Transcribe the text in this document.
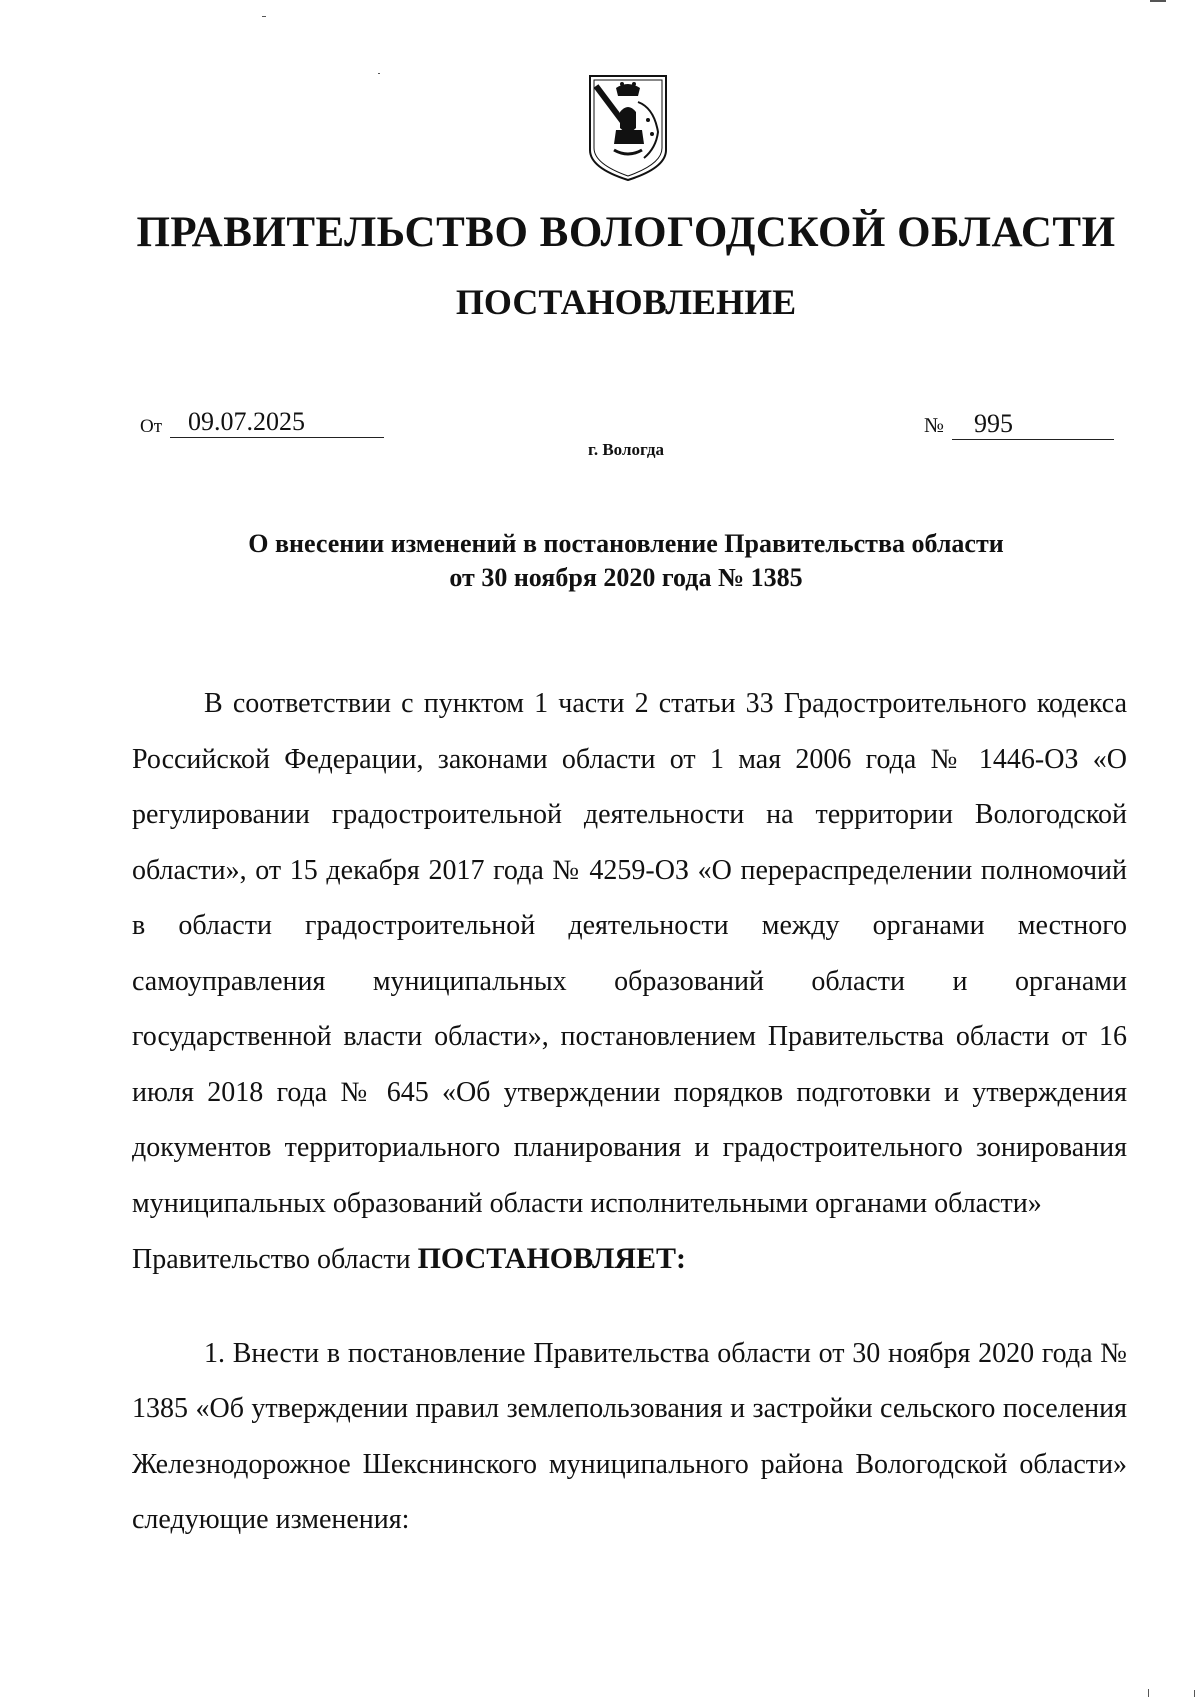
ПРАВИТЕЛЬСТВО ВОЛОГОДСКОЙ ОБЛАСТИ
ПОСТАНОВЛЕНИЕ
От 09.07.2025	№ 995
г. Вологда
О внесении изменений в постановление Правительства области
от 30 ноября 2020 года № 1385

В соответствии с пунктом 1 части 2 статьи 33 Градостроительного кодекса Российской Федерации, законами области от 1 мая 2006 года № 1446-ОЗ «О регулировании градостроительной деятельности на территории Вологодской области», от 15 декабря 2017 года № 4259-ОЗ «О перераспределении полномочий в области градостроительной деятельности между органами местного самоуправления муниципальных образований области и органами государственной власти области», постановлением Правительства области от 16 июля 2018 года № 645 «Об утверждении порядков подготовки и утверждения документов территориального планирования и градостроительного зонирования муниципальных образований области исполнительными органами области»

Правительство области ПОСТАНОВЛЯЕТ:

1. Внести в постановление Правительства области от 30 ноября 2020 года № 1385 «Об утверждении правил землепользования и застройки сельского поселения Железнодорожное Шекснинского муниципального района Вологодской области» следующие изменения:
